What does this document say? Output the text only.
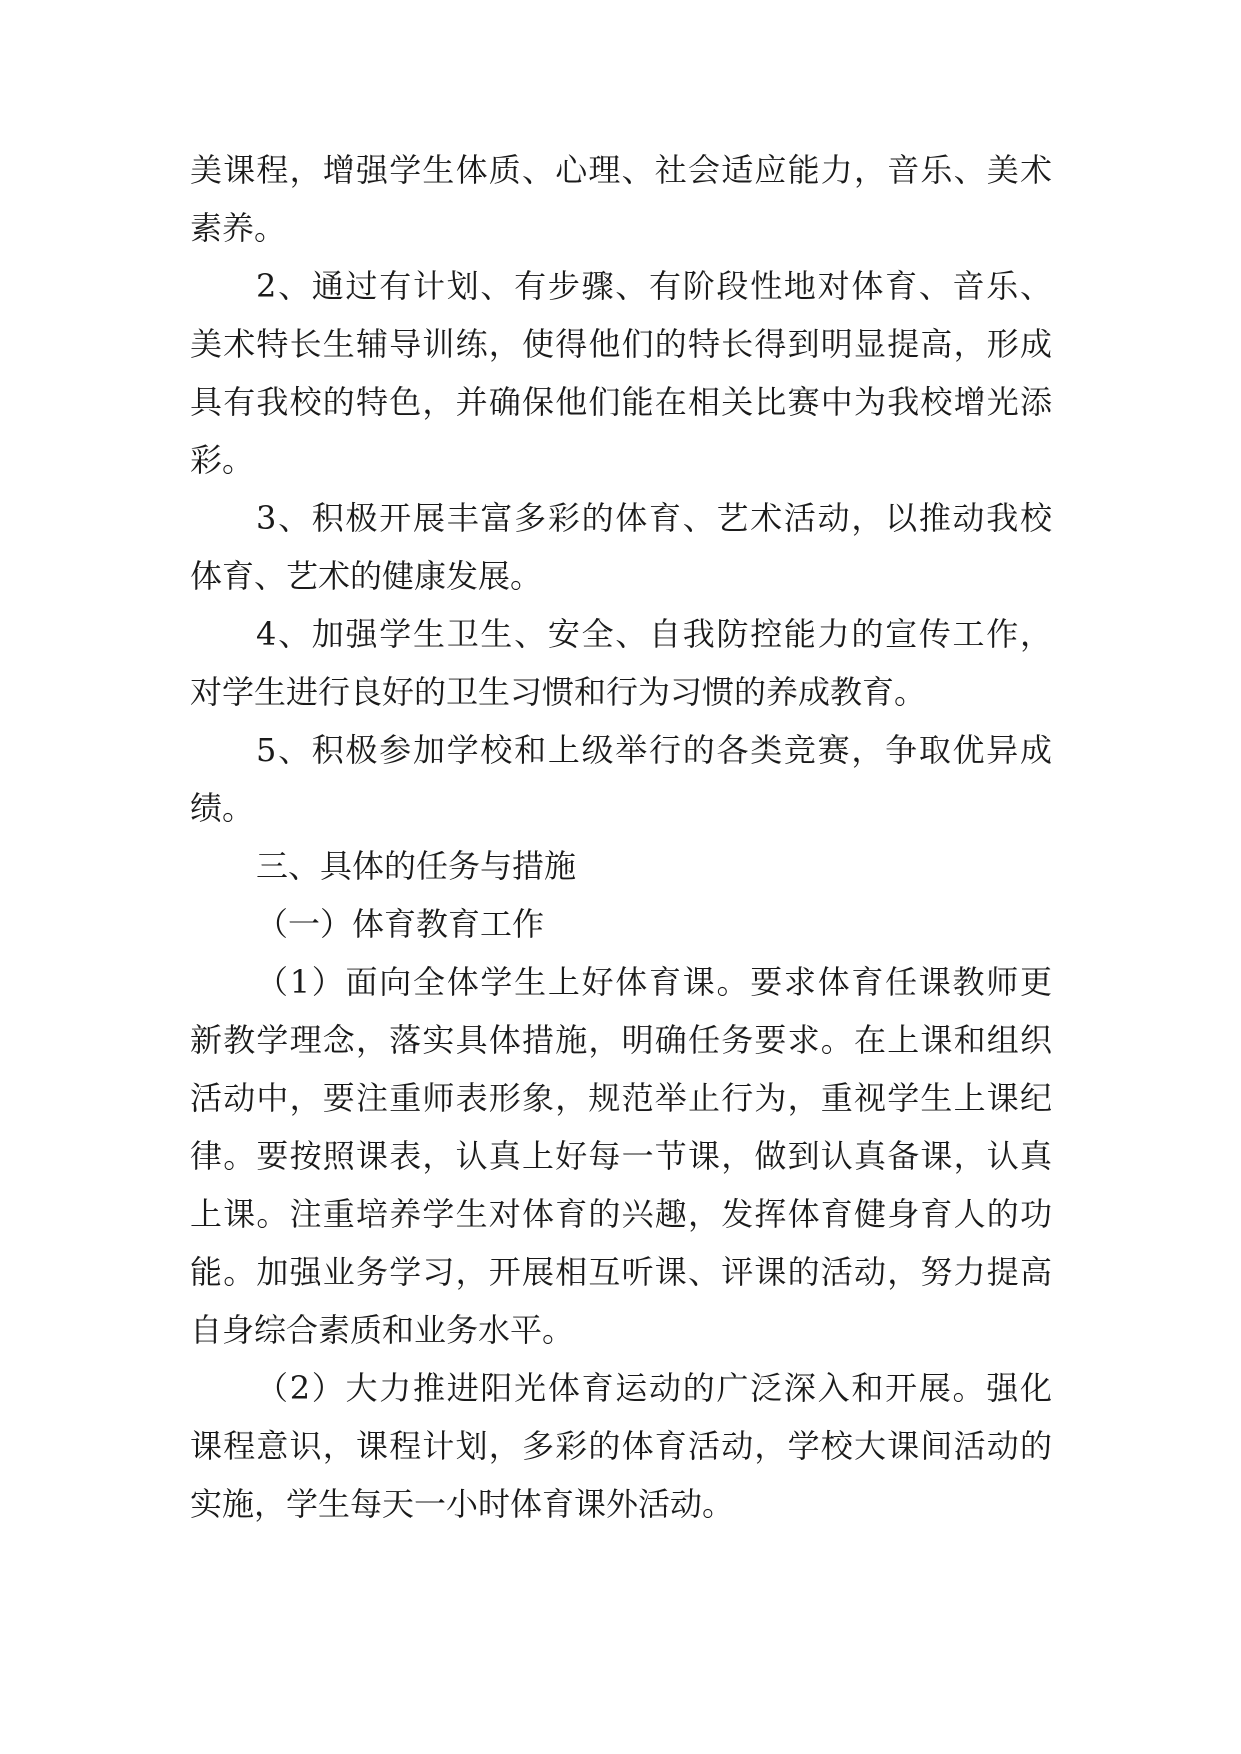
美课程，增强学生体质、心理、社会适应能力，音乐、美术
素养。
2、通过有计划、有步骤、有阶段性地对体育、音乐、
美术特长生辅导训练，使得他们的特长得到明显提高，形成
具有我校的特色，并确保他们能在相关比赛中为我校增光添
彩。
3、积极开展丰富多彩的体育、艺术活动，以推动我校
体育、艺术的健康发展。
4、加强学生卫生、安全、自我防控能力的宣传工作，
对学生进行良好的卫生习惯和行为习惯的养成教育。
5、积极参加学校和上级举行的各类竞赛，争取优异成
绩。
三、具体的任务与措施
（一）体育教育工作
（1）面向全体学生上好体育课。要求体育任课教师更
新教学理念，落实具体措施，明确任务要求。在上课和组织
活动中，要注重师表形象，规范举止行为，重视学生上课纪
律。要按照课表，认真上好每一节课，做到认真备课，认真
上课。注重培养学生对体育的兴趣，发挥体育健身育人的功
能。加强业务学习，开展相互听课、评课的活动，努力提高
自身综合素质和业务水平。
（2）大力推进阳光体育运动的广泛深入和开展。强化
课程意识，课程计划，多彩的体育活动，学校大课间活动的
实施，学生每天一小时体育课外活动。
